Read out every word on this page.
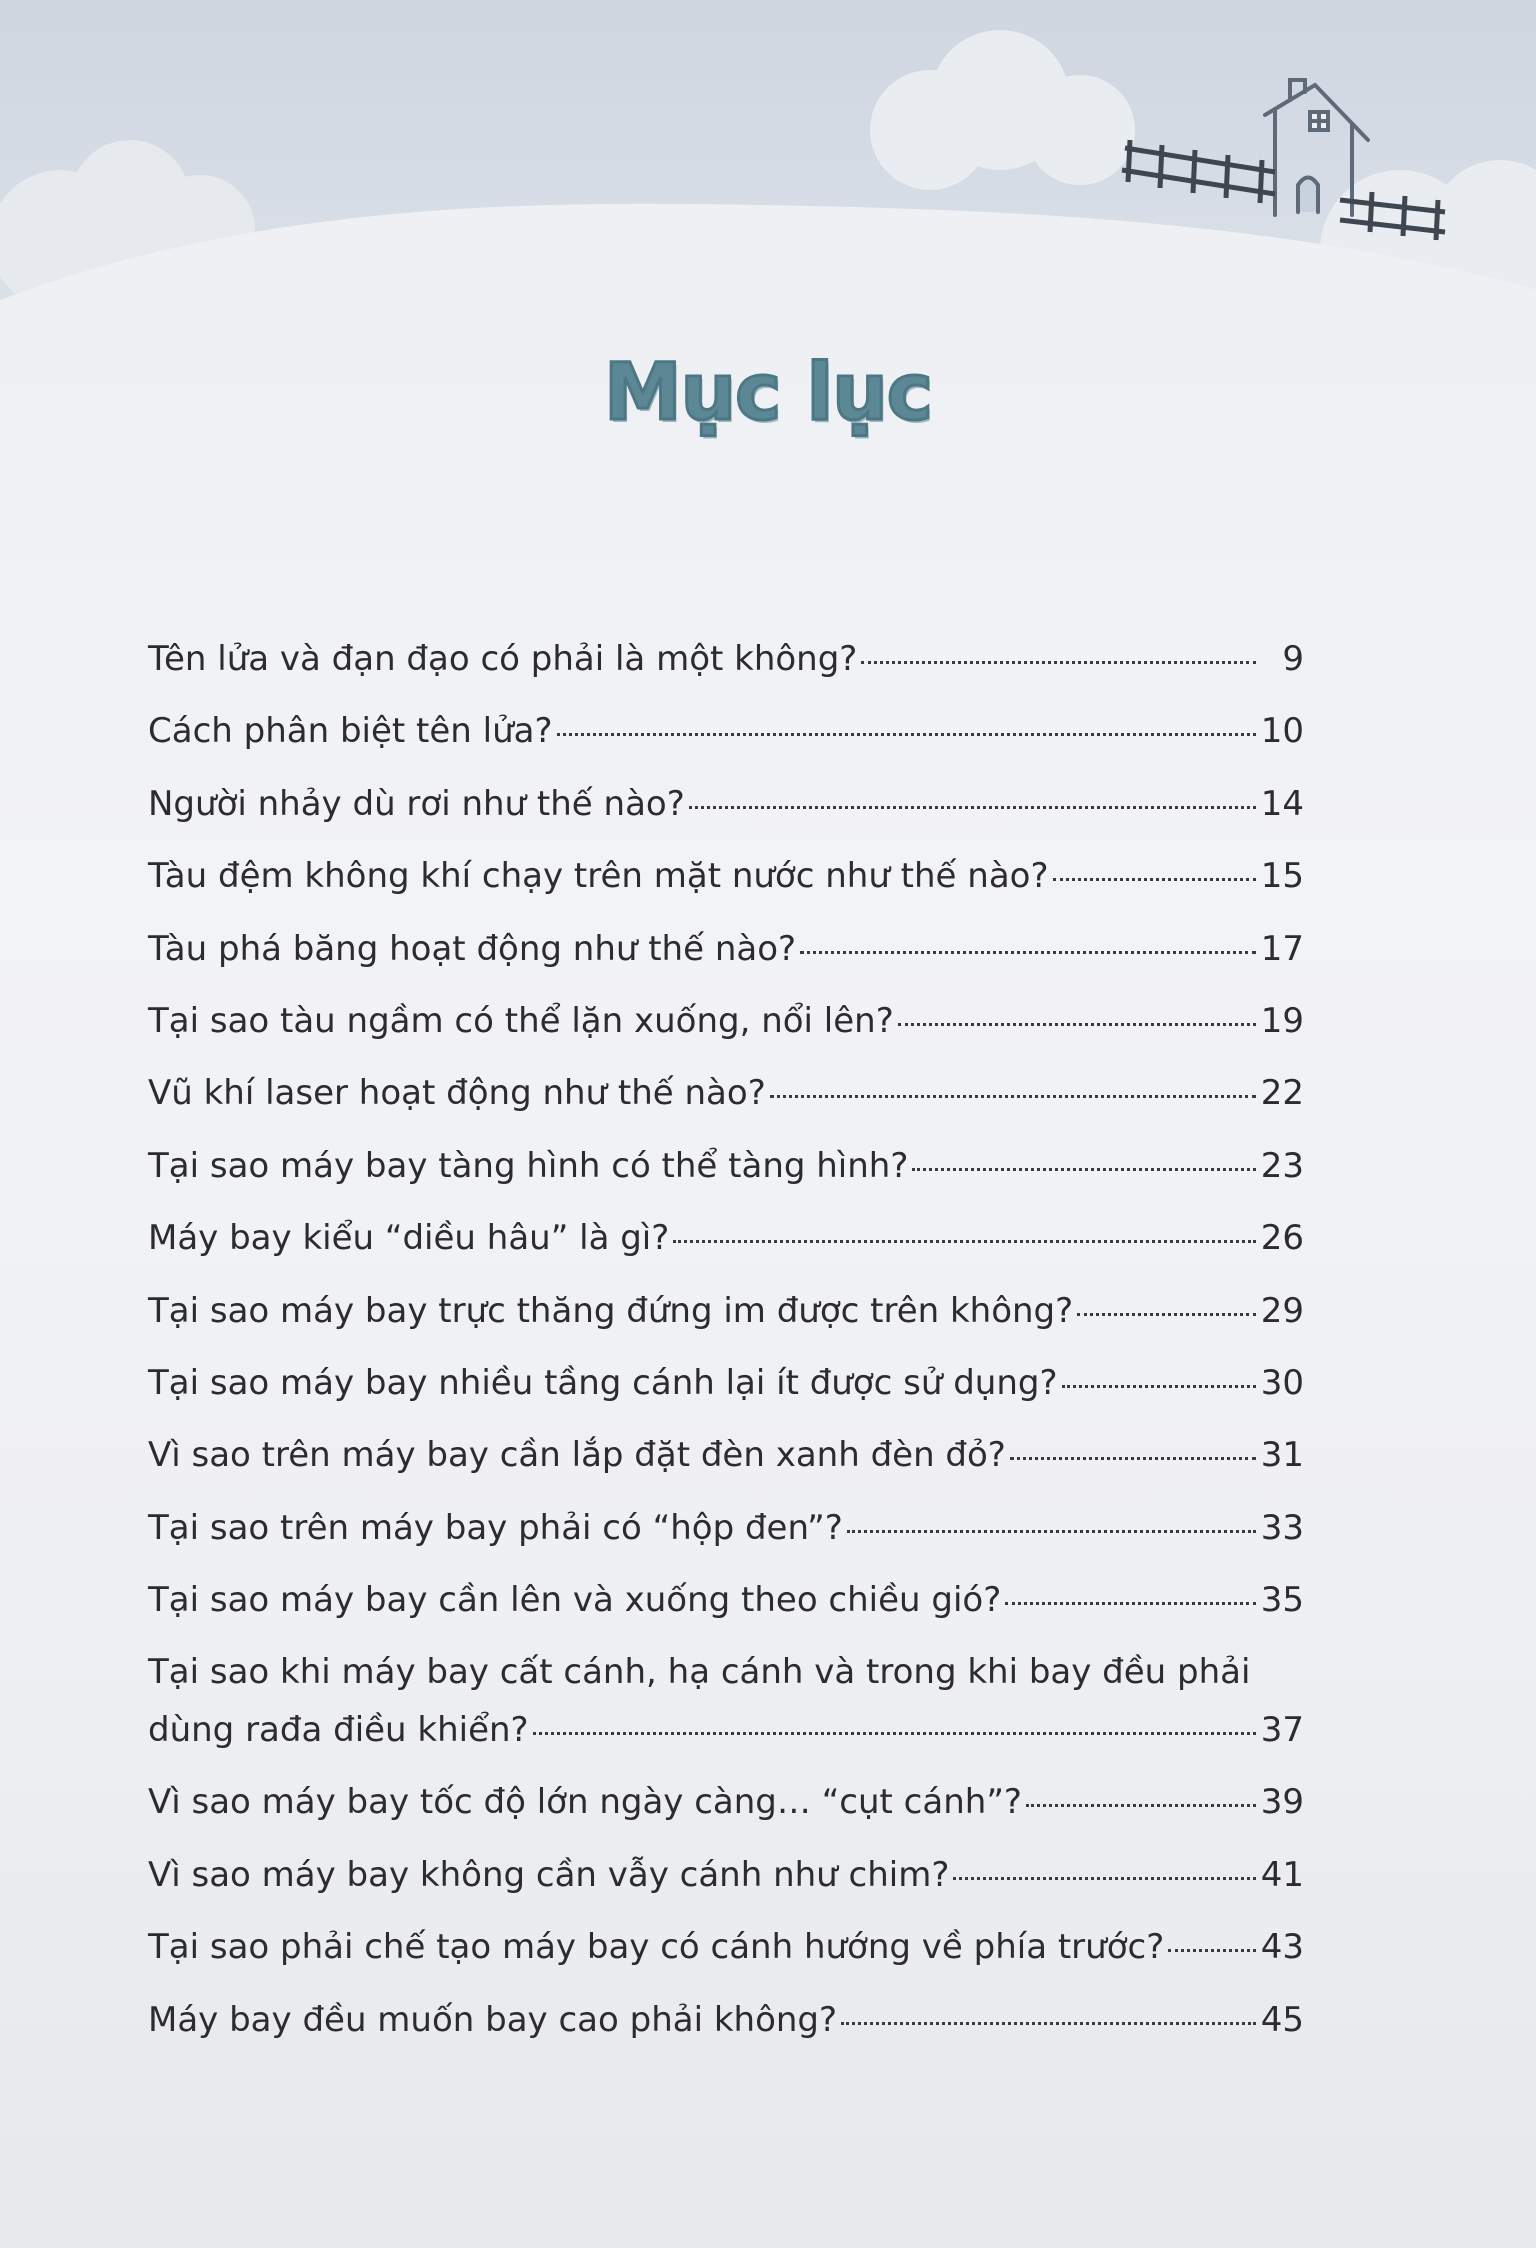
Mục lục
Tên lửa và đạn đạo có phải là một không?	9
Cách phân biệt tên lửa?	10
Người nhảy dù rơi như thế nào?	14
Tàu đệm không khí chạy trên mặt nước như thế nào?	15
Tàu phá băng hoạt động như thế nào?	17
Tại sao tàu ngầm có thể lặn xuống, nổi lên?	19
Vũ khí laser hoạt động như thế nào?	22
Tại sao máy bay tàng hình có thể tàng hình?	23
Máy bay kiểu “diều hâu” là gì?	26
Tại sao máy bay trực thăng đứng im được trên không?	29
Tại sao máy bay nhiều tầng cánh lại ít được sử dụng?	30
Vì sao trên máy bay cần lắp đặt đèn xanh đèn đỏ?	31
Tại sao trên máy bay phải có “hộp đen”?	33
Tại sao máy bay cần lên và xuống theo chiều gió?	35
Tại sao khi máy bay cất cánh, hạ cánh và trong khi bay đều phải
dùng rađa điều khiển?	37
Vì sao máy bay tốc độ lớn ngày càng… “cụt cánh”?	39
Vì sao máy bay không cần vẫy cánh như chim?	41
Tại sao phải chế tạo máy bay có cánh hướng về phía trước?	43
Máy bay đều muốn bay cao phải không?	45
